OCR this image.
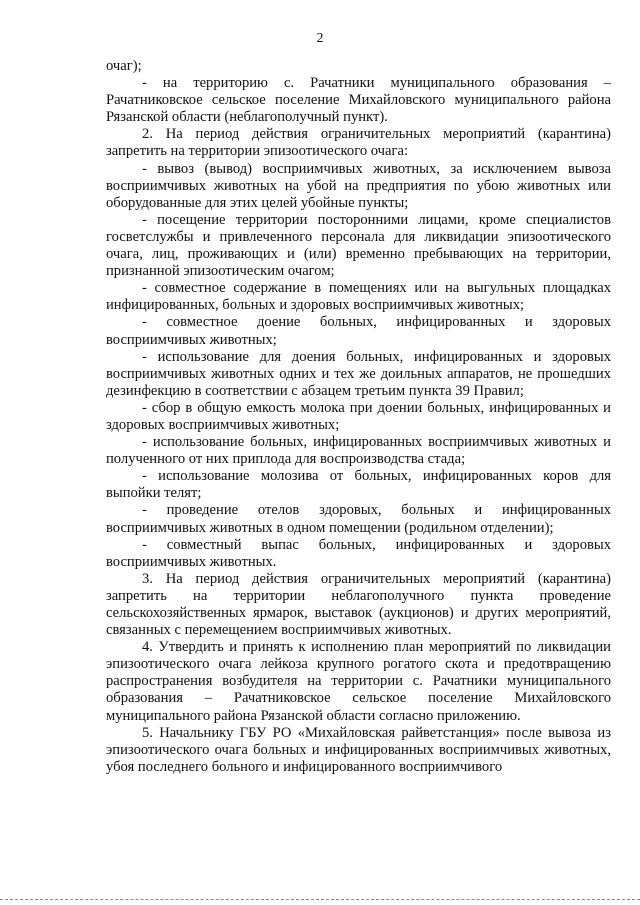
2

очаг);

- на территорию с. Рачатники муниципального образования – Рачатниковское сельское поселение Михайловского муниципального района Рязанской области (неблагополучный пункт).

2. На период действия ограничительных мероприятий (карантина) запретить на территории эпизоотического очага:

- вывоз (вывод) восприимчивых животных, за исключением вывоза восприимчивых животных на убой на предприятия по убою животных или оборудованные для этих целей убойные пункты;

- посещение территории посторонними лицами, кроме специалистов госветслужбы и привлеченного персонала для ликвидации эпизоотического очага, лиц, проживающих и (или) временно пребывающих на территории, признанной эпизоотическим очагом;

- совместное содержание в помещениях или на выгульных площадках инфицированных, больных и здоровых восприимчивых животных;

- совместное доение больных, инфицированных и здоровых восприимчивых животных;

- использование для доения больных, инфицированных и здоровых восприимчивых животных одних и тех же доильных аппаратов, не прошедших дезинфекцию в соответствии с абзацем третьим пункта 39 Правил;

- сбор в общую емкость молока при доении больных, инфицированных и здоровых восприимчивых животных;

- использование больных, инфицированных восприимчивых животных и полученного от них приплода для воспроизводства стада;

- использование молозива от больных, инфицированных коров для выпойки телят;

- проведение отелов здоровых, больных и инфицированных восприимчивых животных в одном помещении (родильном отделении);

- совместный выпас больных, инфицированных и здоровых восприимчивых животных.

3. На период действия ограничительных мероприятий (карантина) запретить на территории неблагополучного пункта проведение сельскохозяйственных ярмарок, выставок (аукционов) и других мероприятий, связанных с перемещением восприимчивых животных.

4. Утвердить и принять к исполнению план мероприятий по ликвидации эпизоотического очага лейкоза крупного рогатого скота и предотвращению распространения возбудителя на территории с. Рачатники муниципального образования – Рачатниковское сельское поселение Михайловского муниципального района Рязанской области согласно приложению.

5. Начальнику ГБУ РО «Михайловская райветстанция» после вывоза из эпизоотического очага больных и инфицированных восприимчивых животных, убоя последнего больного и инфицированного восприимчивого
